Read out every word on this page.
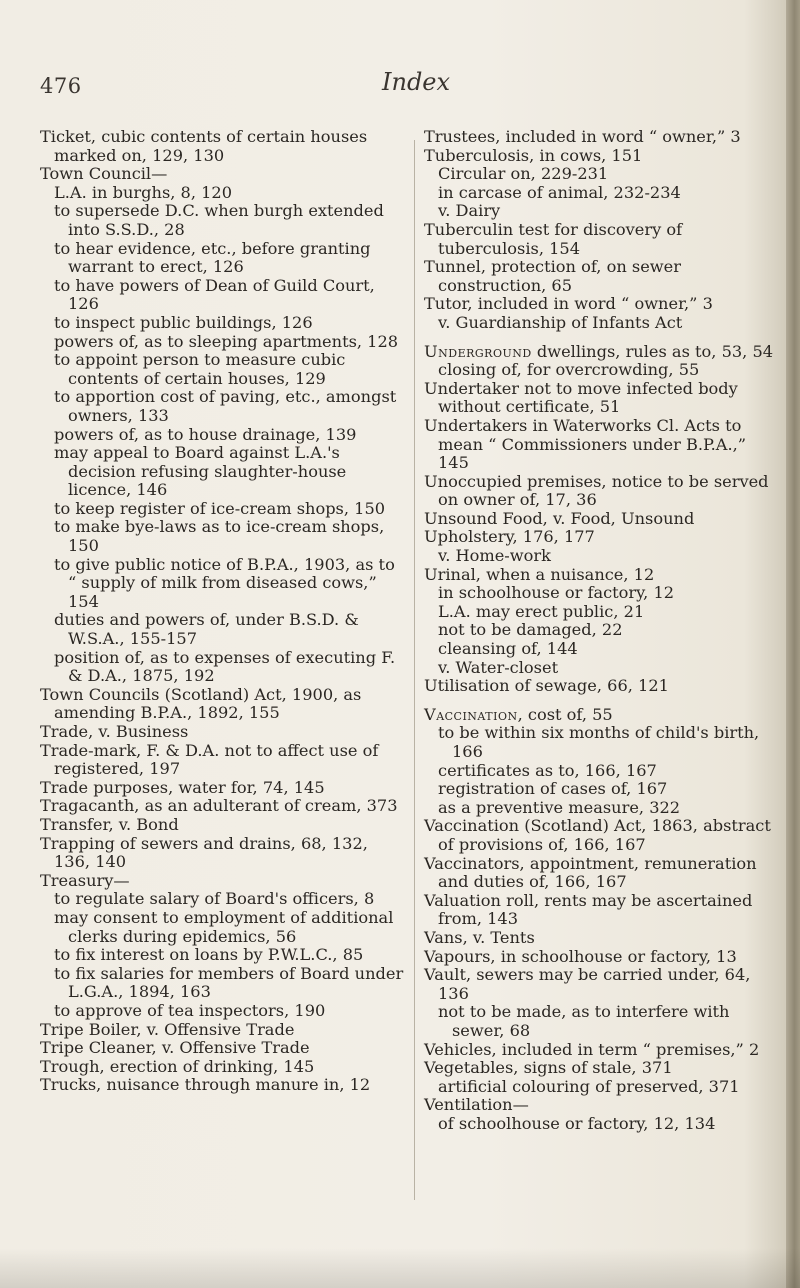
476	Index

Ticket, cubic contents of certain houses marked on, 129, 130

Town Council—

L.A. in burghs, 8, 120

to supersede D.C. when burgh extended into S.S.D., 28

to hear evidence, etc., before granting warrant to erect, 126

to have powers of Dean of Guild Court, 126

to inspect public buildings, 126

powers of, as to sleeping apartments, 128

to appoint person to measure cubic contents of certain houses, 129

to apportion cost of paving, etc., amongst owners, 133

powers of, as to house drainage, 139

may appeal to Board against L.A.'s decision refusing slaughter-house licence, 146

to keep register of ice-cream shops, 150

to make bye-laws as to ice-cream shops, 150

to give public notice of B.P.A., 1903, as to “ supply of milk from diseased cows,” 154

duties and powers of, under B.S.D. & W.S.A., 155-157

position of, as to expenses of executing F. & D.A., 1875, 192

Town Councils (Scotland) Act, 1900, as amending B.P.A., 1892, 155

Trade, v. Business

Trade-mark, F. & D.A. not to affect use of registered, 197

Trade purposes, water for, 74, 145

Tragacanth, as an adulterant of cream, 373

Transfer, v. Bond

Trapping of sewers and drains, 68, 132, 136, 140

Treasury—

to regulate salary of Board's officers, 8

may consent to employment of additional clerks during epidemics, 56

to fix interest on loans by P.W.L.C., 85

to fix salaries for members of Board under L.G.A., 1894, 163

to approve of tea inspectors, 190

Tripe Boiler, v. Offensive Trade

Tripe Cleaner, v. Offensive Trade

Trough, erection of drinking, 145

Trucks, nuisance through manure in, 12

Trustees, included in word “ owner,” 3

Tuberculosis, in cows, 151

Circular on, 229-231

in carcase of animal, 232-234

v. Dairy

Tuberculin test for discovery of tuberculosis, 154

Tunnel, protection of, on sewer construction, 65

Tutor, included in word “ owner,” 3

v. Guardianship of Infants Act

Underground dwellings, rules as to, 53, 54

closing of, for overcrowding, 55

Undertaker not to move infected body without certificate, 51

Undertakers in Waterworks Cl. Acts to mean “ Commissioners under B.P.A.,” 145

Unoccupied premises, notice to be served on owner of, 17, 36

Unsound Food, v. Food, Unsound

Upholstery, 176, 177

v. Home-work

Urinal, when a nuisance, 12

in schoolhouse or factory, 12

L.A. may erect public, 21

not to be damaged, 22

cleansing of, 144

v. Water-closet

Utilisation of sewage, 66, 121

Vaccination, cost of, 55

to be within six months of child's birth, 166

certificates as to, 166, 167

registration of cases of, 167

as a preventive measure, 322

Vaccination (Scotland) Act, 1863, abstract of provisions of, 166, 167

Vaccinators, appointment, remuneration and duties of, 166, 167

Valuation roll, rents may be ascertained from, 143

Vans, v. Tents

Vapours, in schoolhouse or factory, 13

Vault, sewers may be carried under, 64, 136

not to be made, as to interfere with sewer, 68

Vehicles, included in term “ premises,” 2

Vegetables, signs of stale, 371

artificial colouring of preserved, 371

Ventilation—

of schoolhouse or factory, 12, 134
